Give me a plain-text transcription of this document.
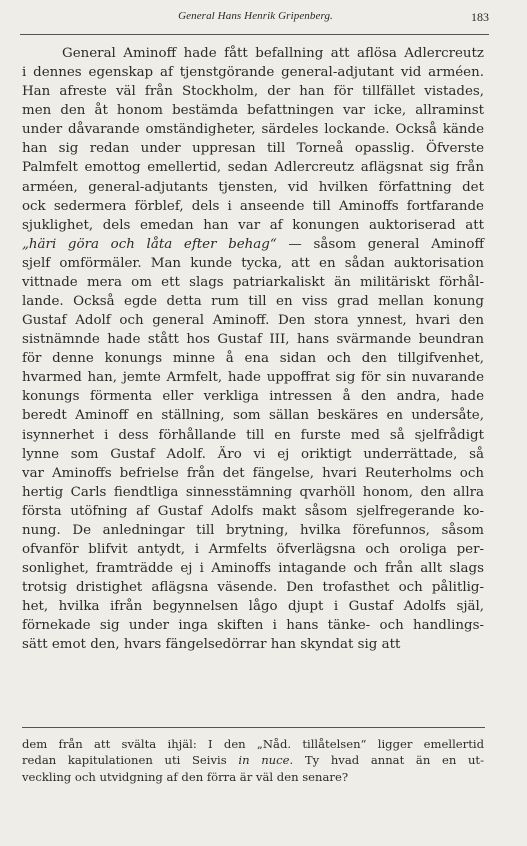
General Hans Henrik Gripenberg.	183
General Aminoff hade fått befallning att aflösa Adlercreutz
i dennes egenskap af tjenstgörande general-adjutant vid arméen.
Han afreste väl från Stockholm, der han för tillfället vistades,
men den åt honom bestämda befattningen var icke, allraminst
under dåvarande omständigheter, särdeles lockande. Också kände
han sig redan under uppresan till Torneå opasslig. Öfverste
Palmfelt emottog emellertid, sedan Adlercreutz aflägsnat sig från
arméen, general-adjutants tjensten, vid hvilken författning det
ock sedermera förblef, dels i anseende till Aminoffs fortfarande
sjuklighet, dels emedan han var af konungen auktoriserad att
„häri göra och låta efter behag“ — såsom general Aminoff
sjelf omförmäler. Man kunde tycka, att en sådan auktorisation
vittnade mera om ett slags patriarkaliskt än militäriskt förhål-
lande. Också egde detta rum till en viss grad mellan konung
Gustaf Adolf och general Aminoff. Den stora ynnest, hvari den
sistnämnde hade stått hos Gustaf III, hans svärmande beundran
för denne konungs minne å ena sidan och den tillgifvenhet,
hvarmed han, jemte Armfelt, hade uppoffrat sig för sin nuvarande
konungs förmenta eller verkliga intressen å den andra, hade
beredt Aminoff en ställning, som sällan beskäres en undersåte,
isynnerhet i dess förhållande till en furste med så sjelfrådigt
lynne som Gustaf Adolf. Äro vi ej oriktigt underrättade, så
var Aminoffs befrielse från det fängelse, hvari Reuterholms och
hertig Carls fiendtliga sinnesstämning qvarhöll honom, den allra
första utöfning af Gustaf Adolfs makt såsom sjelfregerande ko-
nung. De anledningar till brytning, hvilka förefunnos, såsom
ofvanför blifvit antydt, i Armfelts öfverlägsna och oroliga per-
sonlighet, framträdde ej i Aminoffs intagande och från allt slags
trotsig dristighet aflägsna väsende. Den trofasthet och pålitlig-
het, hvilka ifrån begynnelsen lågo djupt i Gustaf Adolfs själ,
förnekade sig under inga skiften i hans tänke- och handlings-
sätt emot den, hvars fängelsedörrar han skyndat sig att
dem från att svälta ihjäl: I den „Nåd. tillåtelsen“ ligger emellertid
redan kapitulationen uti Seivis in nuce. Ty hvad annat än en ut-
veckling och utvidgning af den förra är väl den senare?
